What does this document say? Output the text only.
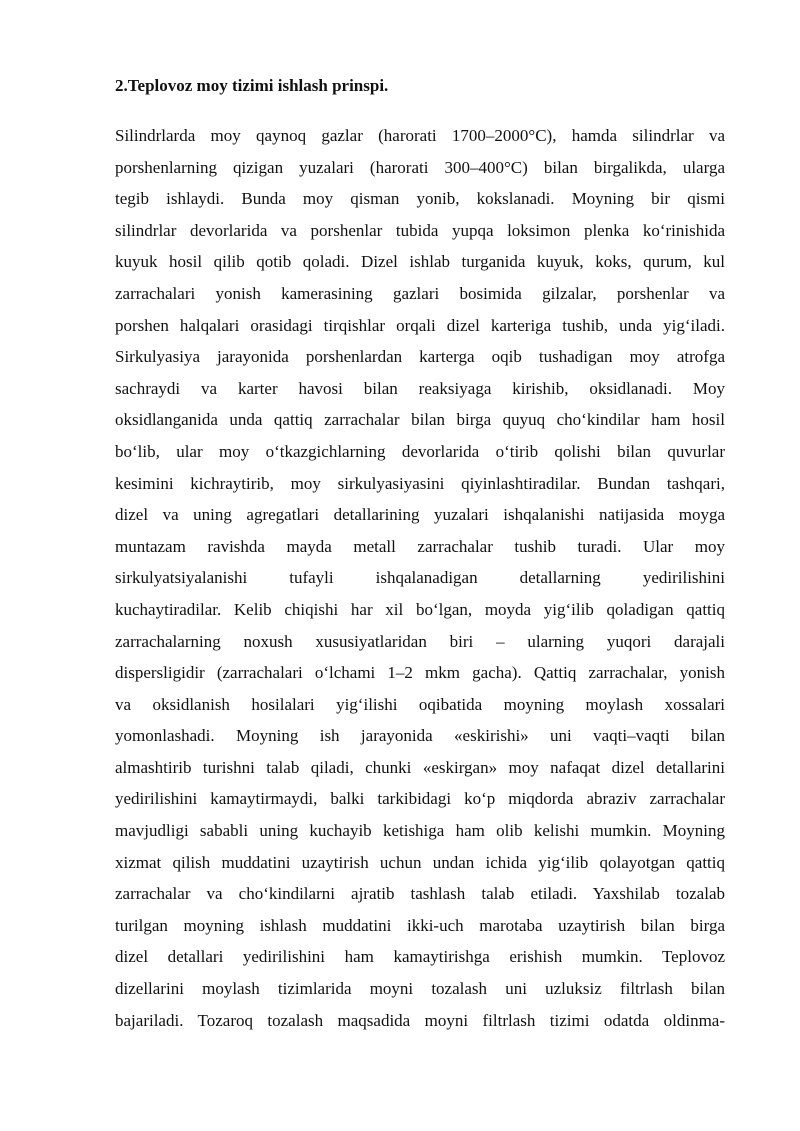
2.Teplovoz moy tizimi ishlash prinspi.
Silindrlarda moy qaynoq gazlar (harorati 1700–2000°C), hamda silindrlar va
porshenlarning qizigan yuzalari (harorati 300–400°C) bilan birgalikda, ularga
tegib ishlaydi. Bunda moy qisman yonib, kokslanadi. Moyning bir qismi
silindrlar devorlarida va porshenlar tubida yupqa loksimon plenka ko‘rinishida
kuyuk hosil qilib qotib qoladi. Dizel ishlab turganida kuyuk, koks, qurum, kul
zarrachalari yonish kamerasining gazlari bosimida gilzalar, porshenlar va
porshen halqalari orasidagi tirqishlar orqali dizel karteriga tushib, unda yig‘iladi.
Sirkulyasiya jarayonida porshenlardan karterga oqib tushadigan moy atrofga
sachraydi va karter havosi bilan reaksiyaga kirishib, oksidlanadi. Moy
oksidlanganida unda qattiq zarrachalar bilan birga quyuq cho‘kindilar ham hosil
bo‘lib, ular moy o‘tkazgichlarning devorlarida o‘tirib qolishi bilan quvurlar
kesimini kichraytirib, moy sirkulyasiyasini qiyinlashtiradilar. Bundan tashqari,
dizel va uning agregatlari detallarining yuzalari ishqalanishi natijasida moyga
muntazam ravishda mayda metall zarrachalar tushib turadi. Ular moy
sirkulyatsiyalanishi tufayli ishqalanadigan detallarning yedirilishini
kuchaytiradilar. Kelib chiqishi har xil bo‘lgan, moyda yig‘ilib qoladigan qattiq
zarrachalarning noxush xususiyatlaridan biri – ularning yuqori darajali
dispersligidir (zarrachalari o‘lchami 1–2 mkm gacha). Qattiq zarrachalar, yonish
va oksidlanish hosilalari yig‘ilishi oqibatida moyning moylash xossalari
yomonlashadi. Moyning ish jarayonida «eskirishi» uni vaqti–vaqti bilan
almashtirib turishni talab qiladi, chunki «eskirgan» moy nafaqat dizel detallarini
yedirilishini kamaytirmaydi, balki tarkibidagi ko‘p miqdorda abraziv zarrachalar
mavjudligi sababli uning kuchayib ketishiga ham olib kelishi mumkin. Moyning
xizmat qilish muddatini uzaytirish uchun undan ichida yig‘ilib qolayotgan qattiq
zarrachalar va cho‘kindilarni ajratib tashlash talab etiladi. Yaxshilab tozalab
turilgan moyning ishlash muddatini ikki-uch marotaba uzaytirish bilan birga
dizel detallari yedirilishini ham kamaytirishga erishish mumkin. Teplovoz
dizellarini moylash tizimlarida moyni tozalash uni uzluksiz filtrlash bilan
bajariladi. Tozaroq tozalash maqsadida moyni filtrlash tizimi odatda oldinma-
